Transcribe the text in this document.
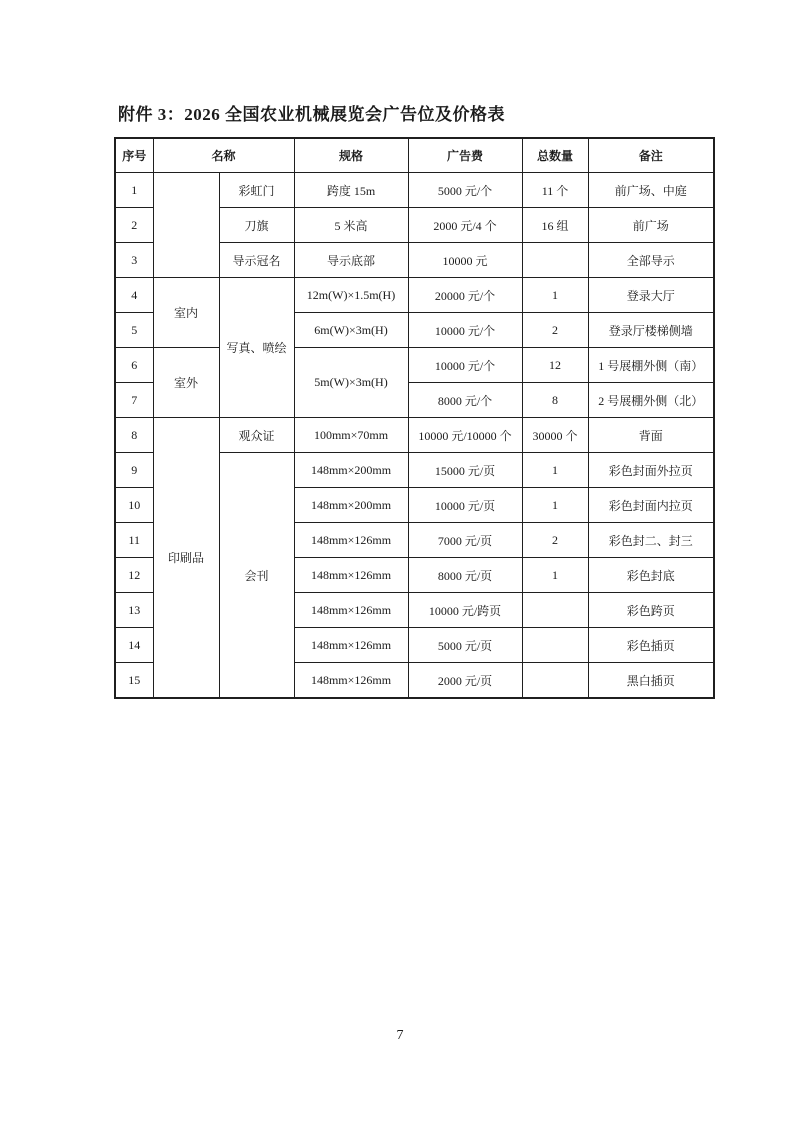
附件 3：2026 全国农业机械展览会广告位及价格表
序号	名称		规格	广告费	总数量	备注
1		彩虹门	跨度 15m	5000 元/个	11 个	前广场、中庭
2		刀旗	5 米高	2000 元/4 个	16 组	前广场
3		导示冠名	导示底部	10000 元		全部导示
4	室内	写真、喷绘	12m(W)×1.5m(H)	20000 元/个	1	登录大厅
5			6m(W)×3m(H)	10000 元/个	2	登录厅楼梯侧墙
6	室外		5m(W)×3m(H)	10000 元/个	12	1 号展棚外侧（南）
7				8000 元/个	8	2 号展棚外侧（北）
8	印刷品	观众证	100mm×70mm	10000 元/10000 个	30000 个	背面
9		会刊	148mm×200mm	15000 元/页	1	彩色封面外拉页
10			148mm×200mm	10000 元/页	1	彩色封面内拉页
11			148mm×126mm	7000 元/页	2	彩色封二、封三
12			148mm×126mm	8000 元/页	1	彩色封底
13			148mm×126mm	10000 元/跨页		彩色跨页
14			148mm×126mm	5000 元/页		彩色插页
15			148mm×126mm	2000 元/页		黑白插页
7
